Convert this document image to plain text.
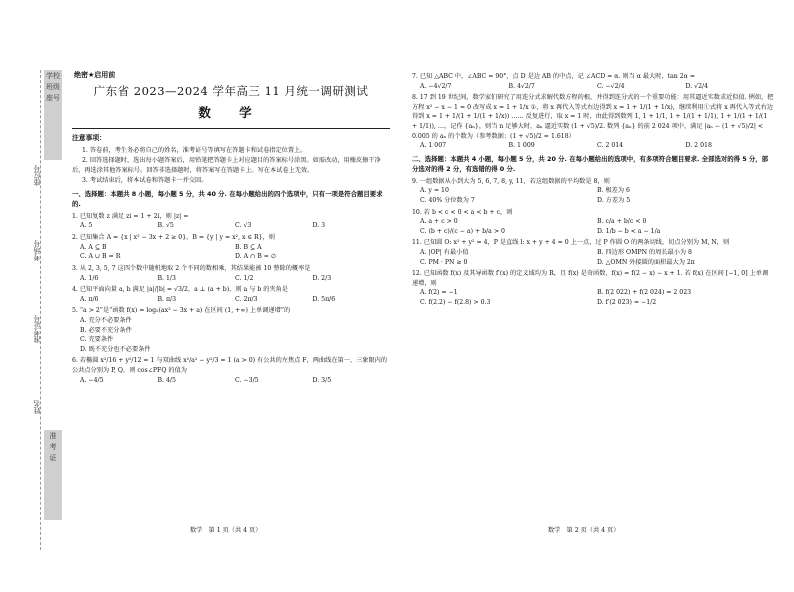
学校
班级
座号
准
考
证
座位号
考场号
准考证号
姓名
绝密★启用前
广东省 2023—2024 学年高三 11 月统一调研测试
数 学
注意事项：

1. 答卷前，考生务必将自己的姓名，准考证号等填写在答题卡和试卷指定位置上。

2. 回答选择题时，选出每小题答案后，用铅笔把答题卡上对应题目的答案标号涂黑。如需改动，用橡皮擦干净后，再选涂其他答案标号。回答非选择题时，将答案写在答题卡上。写在本试卷上无效。

3. 考试结束后，将本试卷和答题卡一并交回。

一、选择题：本题共 8 小题，每小题 5 分，共 40 分. 在每小题给出的四个选项中，只有一项是符合题目要求的.
1. 已知复数 z 满足 zi = 1 + 2i，则 |z| =
A. 5	B. √5	C. √3	D. 3
2. 已知集合 A = {x | x² − 3x + 2 ≥ 0}，B = {y | y = x², x ∈ R}，则
A. A ⊆ B	B. B ⊆ A
C. A ∪ B = R	D. A ∩ B = ∅
3. 从 2, 3, 5, 7 这四个数中随机地取 2 个不同的数相乘，其结果能被 10 整除的概率是
A. 1/6	B. 1/3	C. 1/2	D. 2/3
4. 已知平面向量 a, b 满足 |a|/|b| = √3/2，a ⊥ (a + b)，则 a 与 b 的夹角是
A. π/6	B. π/3	C. 2π/3	D. 5π/6
5. “a > 2”是“函数 f(x) = log₂(ax² − 3x + a) 在区间 (1, +∞) 上单调递增”的
A. 充分不必要条件
B. 必要不充分条件
C. 充要条件
D. 既不充分也不必要条件
6. 若椭圆 x²/16 + y²/12 = 1 与双曲线 x²/a² − y²/3 = 1 (a > 0) 有公共的左焦点 F，两曲线在第一、三象限内的公共点分别为 P, Q，则 cos∠PFQ 的值为
A. −4/5	B. 4/5	C. −3/5	D. 3/5
7. 已知 △ABC 中，∠ABC = 90°，点 D 是边 AB 的中点，记 ∠ACD = α. 则当 α 最大时，tan 2α =
A. −4√2/7	B. 4√2/7	C. −√2/4	D. √2/4
8. 17 到 19 世纪间，数学家们研究了用连分式求解代数方程的根，并得到连分式的一个重要功能：用其逼近实数求近似值. 例如，把方程 x² − x − 1 = 0 改写成 x = 1 + 1/x ①，将 x 再代入等式右边得到 x = 1 + 1/(1 + 1/x)，继续利用①式将 x 再代入等式右边得到 x = 1 + 1/(1 + 1/(1 + 1/x)) …… 反复进行，取 x = 1 时，由此得到数列 1, 1 + 1/1, 1 + 1/(1 + 1/1), 1 + 1/(1 + 1/(1 + 1/1)), …，记作 {aₙ}，则当 n 足够大时，aₙ 逼近实数 (1 + √5)/2. 数列 {aₙ} 的前 2 024 项中，满足 |aₙ − (1 + √5)/2| < 0.005 的 aₙ 的个数为（参考数据：(1 + √5)/2 ≈ 1.618）
A. 1 007	B. 1 009	C. 2 014	D. 2 018
二、选择题：本题共 4 小题，每小题 5 分，共 20 分. 在每小题给出的选项中，有多项符合题目要求. 全部选对的得 5 分，部分选对的得 2 分，有选错的得 0 分.
9. 一组数据从小到大为 5, 6, 7, 8, y, 11，若这组数据的平均数是 8，则
A. y = 10	B. 极差为 6
C. 40% 分位数为 7	D. 方差为 5
10. 若 b < c < 0 < a < b + c，则
A. a + c > 0	B. c/a + b/c < 0
C. (b + c)/(c − a) + b/a > 0	D. 1/b − b < a − 1/a
11. 已知圆 O: x² + y² = 4，P 是直线 l: x + y + 4 = 0 上一点，过 P 作圆 O 的两条切线，切点分别为 M, N，则
A. |OP| 有最小值	B. 四边形 OMPN 的周长最小为 8
C. PM · PN ≥ 0	D. △OMN 外接圆的面积最大为 2π
12. 已知函数 f(x) 及其导函数 f′(x) 的定义域均为 R，且 f(x) 是奇函数，f(x) = f(2 − x) − x + 1. 若 f(x) 在区间 [−1, 0] 上单调递增，则
A. f(2) = −1	B. f(2 022) + f(2 024) = 2 023
C. f(2.2) − f(2.8) > 0.3	D. f′(2 023) = −1/2
数学　第 1 页（共 4 页）	数学　第 2 页（共 4 页）
